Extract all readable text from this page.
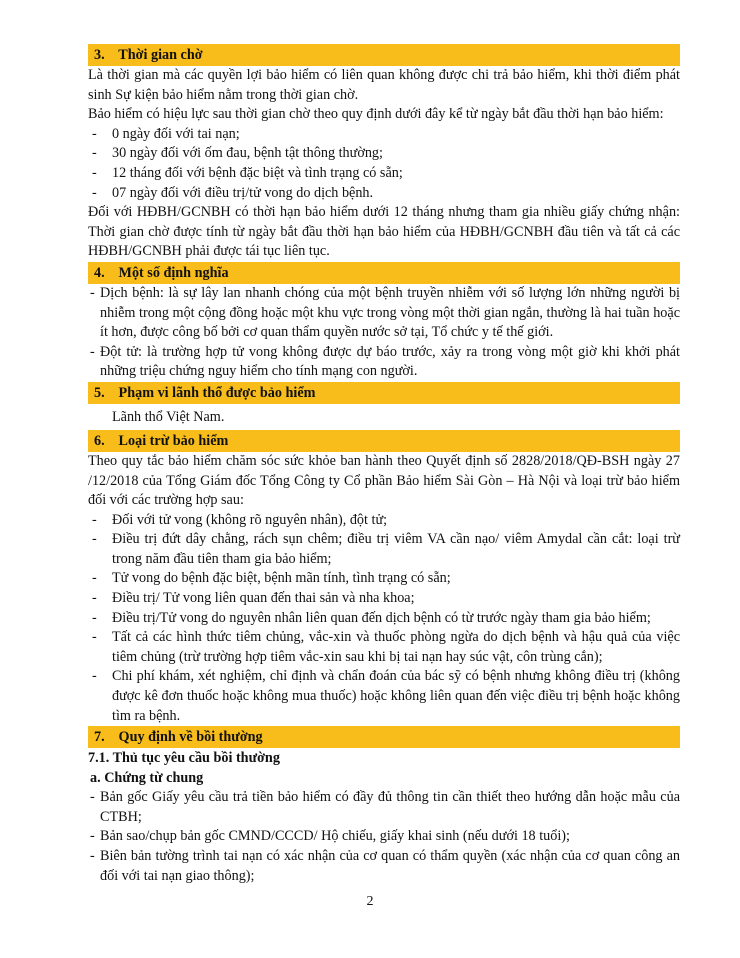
3. Thời gian chờ

Là thời gian mà các quyền lợi bảo hiểm có liên quan không được chi trả bảo hiểm, khi thời điểm phát sinh Sự kiện bảo hiểm nằm trong thời gian chờ.

Bảo hiểm có hiệu lực sau thời gian chờ theo quy định dưới đây kể từ ngày bắt đầu thời hạn bảo hiểm:

- 0 ngày đối với tai nạn;
- 30 ngày đối với ốm đau, bệnh tật thông thường;
- 12 tháng đối với bệnh đặc biệt và tình trạng có sẵn;
- 07 ngày đối với điều trị/tử vong do dịch bệnh.

Đối với HĐBH/GCNBH có thời hạn bảo hiểm dưới 12 tháng nhưng tham gia nhiều giấy chứng nhận: Thời gian chờ được tính từ ngày bắt đầu thời hạn bảo hiểm của HĐBH/GCNBH đầu tiên và tất cả các HĐBH/GCNBH phải được tái tục liên tục.

4. Một số định nghĩa
- Dịch bệnh: là sự lây lan nhanh chóng của một bệnh truyền nhiễm với số lượng lớn những người bị nhiễm trong một cộng đồng hoặc một khu vực trong vòng một thời gian ngắn, thường là hai tuần hoặc ít hơn, được công bố bởi cơ quan thẩm quyền nước sở tại, Tổ chức y tế thế giới.
- Đột tử: là trường hợp tử vong không được dự báo trước, xảy ra trong vòng một giờ khi khởi phát những triệu chứng nguy hiểm cho tính mạng con người.
5. Phạm vi lãnh thổ được bảo hiểm

Lãnh thổ Việt Nam.

6. Loại trừ bảo hiểm

Theo quy tắc bảo hiểm chăm sóc sức khỏe ban hành theo Quyết định số 2828/2018/QĐ-BSH ngày 27 /12/2018 của Tổng Giám đốc Tổng Công ty Cổ phần Bảo hiểm Sài Gòn – Hà Nội và loại trừ bảo hiểm đối với các trường hợp sau:

- Đối với tử vong (không rõ nguyên nhân), đột tử;
- Điều trị đứt dây chằng, rách sụn chêm; điều trị viêm VA cần nạo/ viêm Amydal cần cắt: loại trừ trong năm đầu tiên tham gia bảo hiểm;
- Tử vong do bệnh đặc biệt, bệnh mãn tính, tình trạng có sẵn;
- Điều trị/ Tử vong liên quan đến thai sản và nha khoa;
- Điều trị/Tử vong do nguyên nhân liên quan đến dịch bệnh có từ trước ngày tham gia bảo hiểm;
- Tất cả các hình thức tiêm chủng, vắc-xin và thuốc phòng ngừa do dịch bệnh và hậu quả của việc tiêm chủng (trừ trường hợp tiêm vắc-xin sau khi bị tai nạn hay súc vật, côn trùng cắn);
- Chi phí khám, xét nghiệm, chỉ định và chẩn đoán của bác sỹ có bệnh nhưng không điều trị (không được kê đơn thuốc hoặc không mua thuốc) hoặc không liên quan đến việc điều trị bệnh hoặc không tìm ra bệnh.
7. Quy định về bồi thường
7.1. Thủ tục yêu cầu bồi thường
a. Chứng từ chung
- Bản gốc Giấy yêu cầu trả tiền bảo hiểm có đầy đủ thông tin cần thiết theo hướng dẫn hoặc mẫu của CTBH;
- Bản sao/chụp bản gốc CMND/CCCD/ Hộ chiếu, giấy khai sinh (nếu dưới 18 tuổi);
- Biên bản tường trình tai nạn có xác nhận của cơ quan có thẩm quyền (xác nhận của cơ quan công an đối với tai nạn giao thông);
2
